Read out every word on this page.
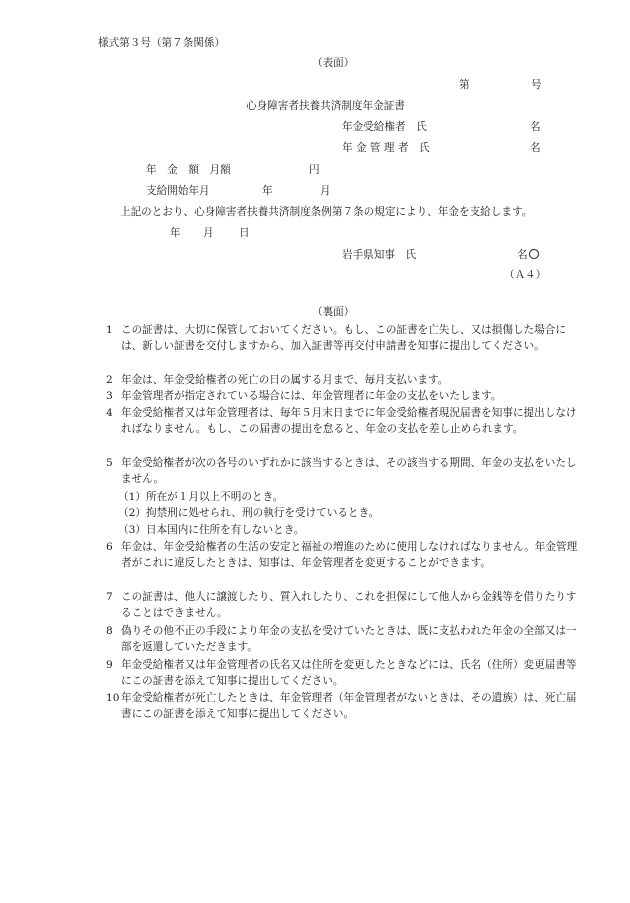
様式第３号（第７条関係）
（表面）
第	号
心身障害者扶養共済制度年金証書
年金受給権者　氏	名
年 金 管 理 者　氏	名
年　金　額　月額	円
支給開始年月	年	月
上記のとおり、心身障害者扶養共済制度条例第７条の規定により、年金を支給します。
年 月 日
岩手県知事　氏	名
（Ａ４）
（裏面）
1 この証書は、大切に保管しておいてください。もし、この証書を亡失し、又は損傷した場合には、新しい証書を交付しますから、加入証書等再交付申請書を知事に提出してください。
2 年金は、年金受給権者の死亡の日の属する月まで、毎月支払います。
3 年金管理者が指定されている場合には、年金管理者に年金の支払をいたします。
4 年金受給権者又は年金管理者は、毎年５月末日までに年金受給権者現況届書を知事に提出しなければなりません。もし、この届書の提出を怠ると、年金の支払を差し止められます。
5 年金受給権者が次の各号のいずれかに該当するときは、その該当する期間、年金の支払をいたしません。
（1） 所在が１月以上不明のとき。
（2） 拘禁刑に処せられ、刑の執行を受けているとき。
（3） 日本国内に住所を有しないとき。
6 年金は、年金受給権者の生活の安定と福祉の増進のために使用しなければなりません。年金管理者がこれに違反したときは、知事は、年金管理者を変更することができます。
7 この証書は、他人に譲渡したり、質入れしたり、これを担保にして他人から金銭等を借りたりすることはできません。
8 偽りその他不正の手段により年金の支払を受けていたときは、既に支払われた年金の全部又は一部を返還していただきます。
9 年金受給権者又は年金管理者の氏名又は住所を変更したときなどには、氏名（住所）変更届書等にこの証書を添えて知事に提出してください。
10 年金受給権者が死亡したときは、年金管理者（年金管理者がないときは、その遺族）は、死亡届書にこの証書を添えて知事に提出してください。
